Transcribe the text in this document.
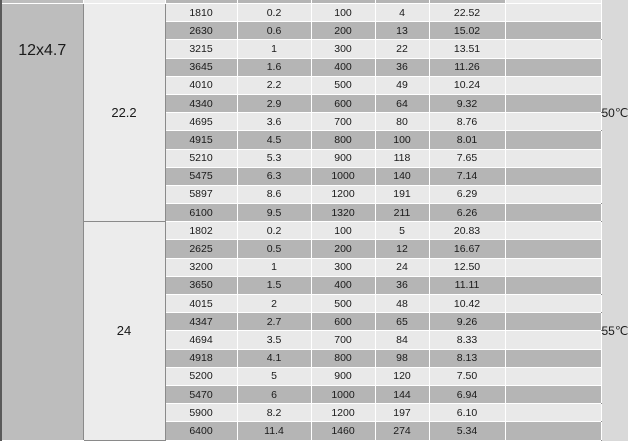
12x4.7	22.2	1810	0.2	100	4	22.52		50℃
		2630	0.6	200	13	15.02		
		3215	1	300	22	13.51		
		3645	1.6	400	36	11.26		
		4010	2.2	500	49	10.24		
		4340	2.9	600	64	9.32		
		4695	3.6	700	80	8.76		
		4915	4.5	800	100	8.01		
		5210	5.3	900	118	7.65		
		5475	6.3	1000	140	7.14		
		5897	8.6	1200	191	6.29		
		6100	9.5	1320	211	6.26		
	24	1802	0.2	100	5	20.83		55℃
		2625	0.5	200	12	16.67		
		3200	1	300	24	12.50		
		3650	1.5	400	36	11.11		
		4015	2	500	48	10.42		
		4347	2.7	600	65	9.26		
		4694	3.5	700	84	8.33		
		4918	4.1	800	98	8.13		
		5200	5	900	120	7.50		
		5470	6	1000	144	6.94		
		5900	8.2	1200	197	6.10		
		6400	11.4	1460	274	5.34		
